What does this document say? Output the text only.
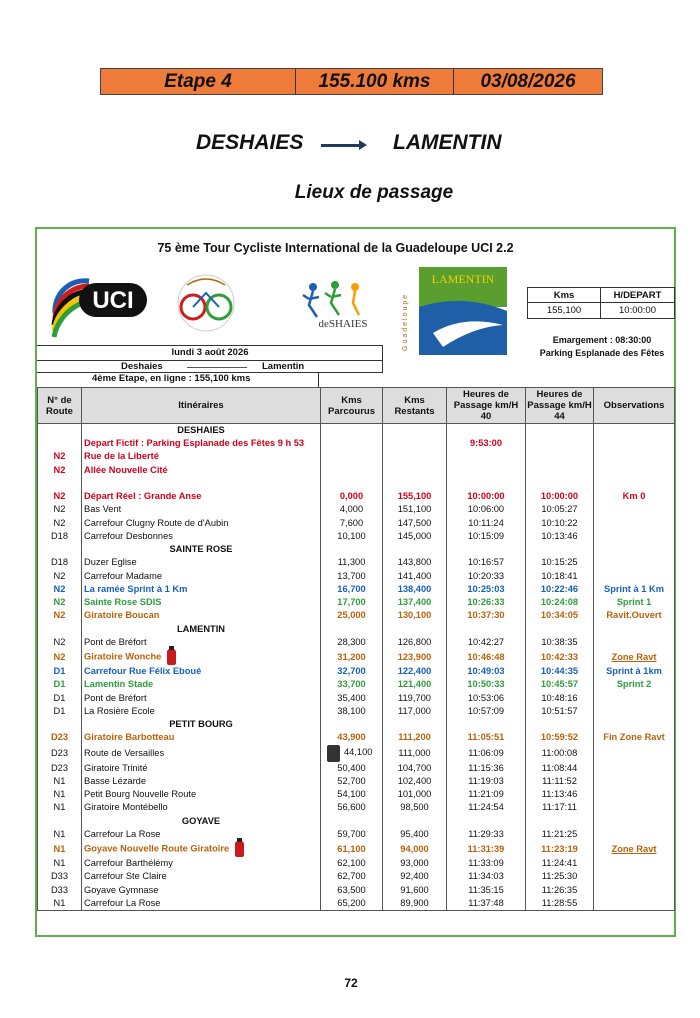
Etape 4	155.100 kms	03/08/2026
DESHAIES	LAMENTIN
Lieux de passage
75 ème Tour Cycliste International de la Guadeloupe UCI 2.2
UCI
deSHAIES	Guadeloupe
LAMENTIN
Kms	H/DEPART
155,100	10:00:00
Emargement : 08:30:00
Parking Esplanade des Fêtes
lundi 3 août 2026
Deshaies	Lamentin
4ème Etape, en ligne : 155,100 kms
N° de Route	Itinéraires	Kms Parcourus	Kms Restants	Heures de Passage km/H 40	Heures de Passage km/H 44	Observations
	DESHAIES					
	Depart Fictif : Parking Esplanade des Fêtes 9 h 53			9:53:00		
N2	Rue de la Liberté					
N2	Allée Nouvelle Cité					

N2	Départ Réel : Grande Anse	0,000	155,100	10:00:00	10:00:00	Km 0
N2	Bas Vent	4,000	151,100	10:06:00	10:05:27	
N2	Carrefour Clugny Route de d'Aubin	7,600	147,500	10:11:24	10:10:22	
D18	Carrefour Desbonnes	10,100	145,000	10:15:09	10:13:46	
	SAINTE ROSE					
D18	Duzer Eglise	11,300	143,800	10:16:57	10:15:25	
N2	Carrefour Madame	13,700	141,400	10:20:33	10:18:41	
N2	La ramée Sprint à 1 Km	16,700	138,400	10:25:03	10:22:46	Sprint à 1 Km
N2	Sainte Rose SDIS	17,700	137,400	10:26:33	10:24:08	Sprint 1
N2	Giratoire Boucan	25,000	130,100	10:37:30	10:34:05	Ravit.Ouvert
	LAMENTIN					
N2	Pont de Bréfort	28,300	126,800	10:42:27	10:38:35	
N2	Giratoire Wonche	31,200	123,900	10:46:48	10:42:33	Zone Ravt
D1	Carrefour Rue Félix Eboué	32,700	122,400	10:49:03	10:44:35	Sprint à 1km
D1	Lamentin Stade	33,700	121,400	10:50:33	10:45:57	Sprint 2
D1	Pont de Bréfort	35,400	119,700	10:53:06	10:48:16	
D1	La Rosière Ecole	38,100	117,000	10:57:09	10:51:57	
	PETIT BOURG					
D23	Giratoire Barbotteau	43,900	111,200	11:05:51	10:59:52	Fin Zone Ravt
D23	Route de Versailles	44,100	111,000	11:06:09	11:00:08	
D23	Giratoire Trinité	50,400	104,700	11:15:36	11:08:44	
N1	Basse Lézarde	52,700	102,400	11:19:03	11:11:52	
N1	Petit Bourg Nouvelle Route	54,100	101,000	11:21:09	11:13:46	
N1	Giratoire Montébello	56,600	98,500	11:24:54	11:17:11	
	GOYAVE					
N1	Carrefour La Rose	59,700	95,400	11:29:33	11:21:25	
N1	Goyave Nouvelle Route Giratoire	61,100	94,000	11:31:39	11:23:19	Zone Ravt
N1	Carrefour Barthélémy	62,100	93,000	11:33:09	11:24:41	
D33	Carrefour Ste Claire	62,700	92,400	11:34:03	11:25:30	
D33	Goyave Gymnase	63,500	91,600	11:35:15	11:26:35	
N1	Carrefour La Rose	65,200	89,900	11:37:48	11:28:55	
72
